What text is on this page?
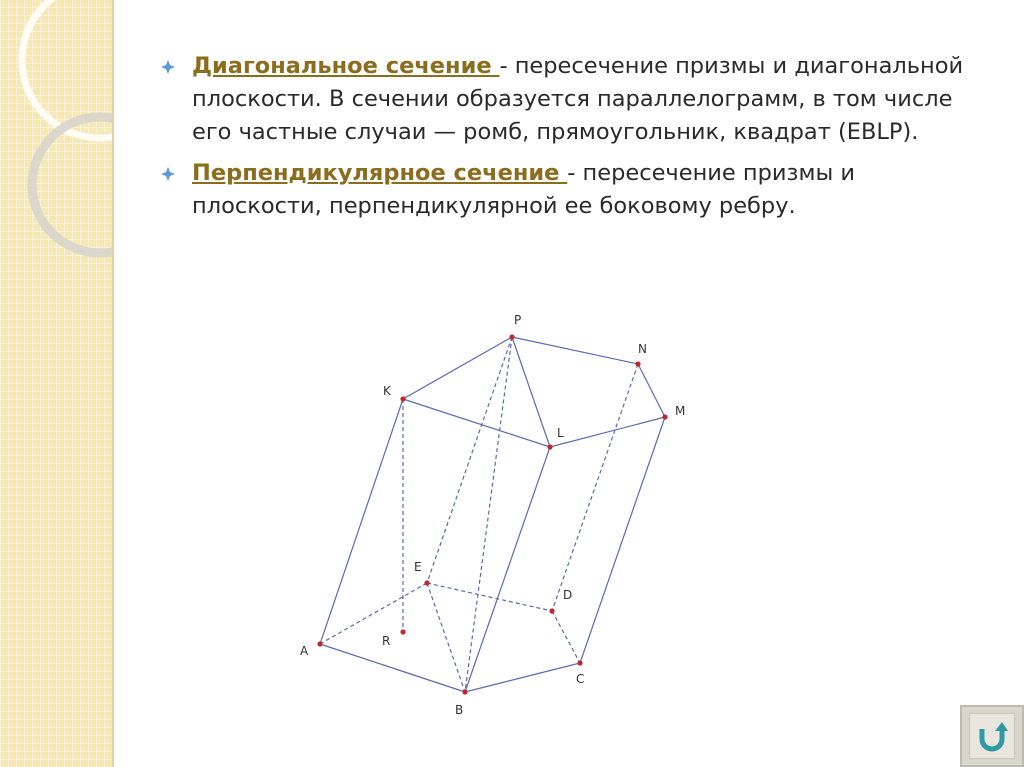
Диагональное сечение - пересечение призмы и диагональной плоскости. В сечении образуется параллелограмм, в том числе его частные случаи — ромб, прямоугольник, квадрат (EBLP).
Перпендикулярное сечение - пересечение призмы и плоскости, перпендикулярной ее боковому ребру.
P
N
K
M
L
E
D
R
A
B
C
